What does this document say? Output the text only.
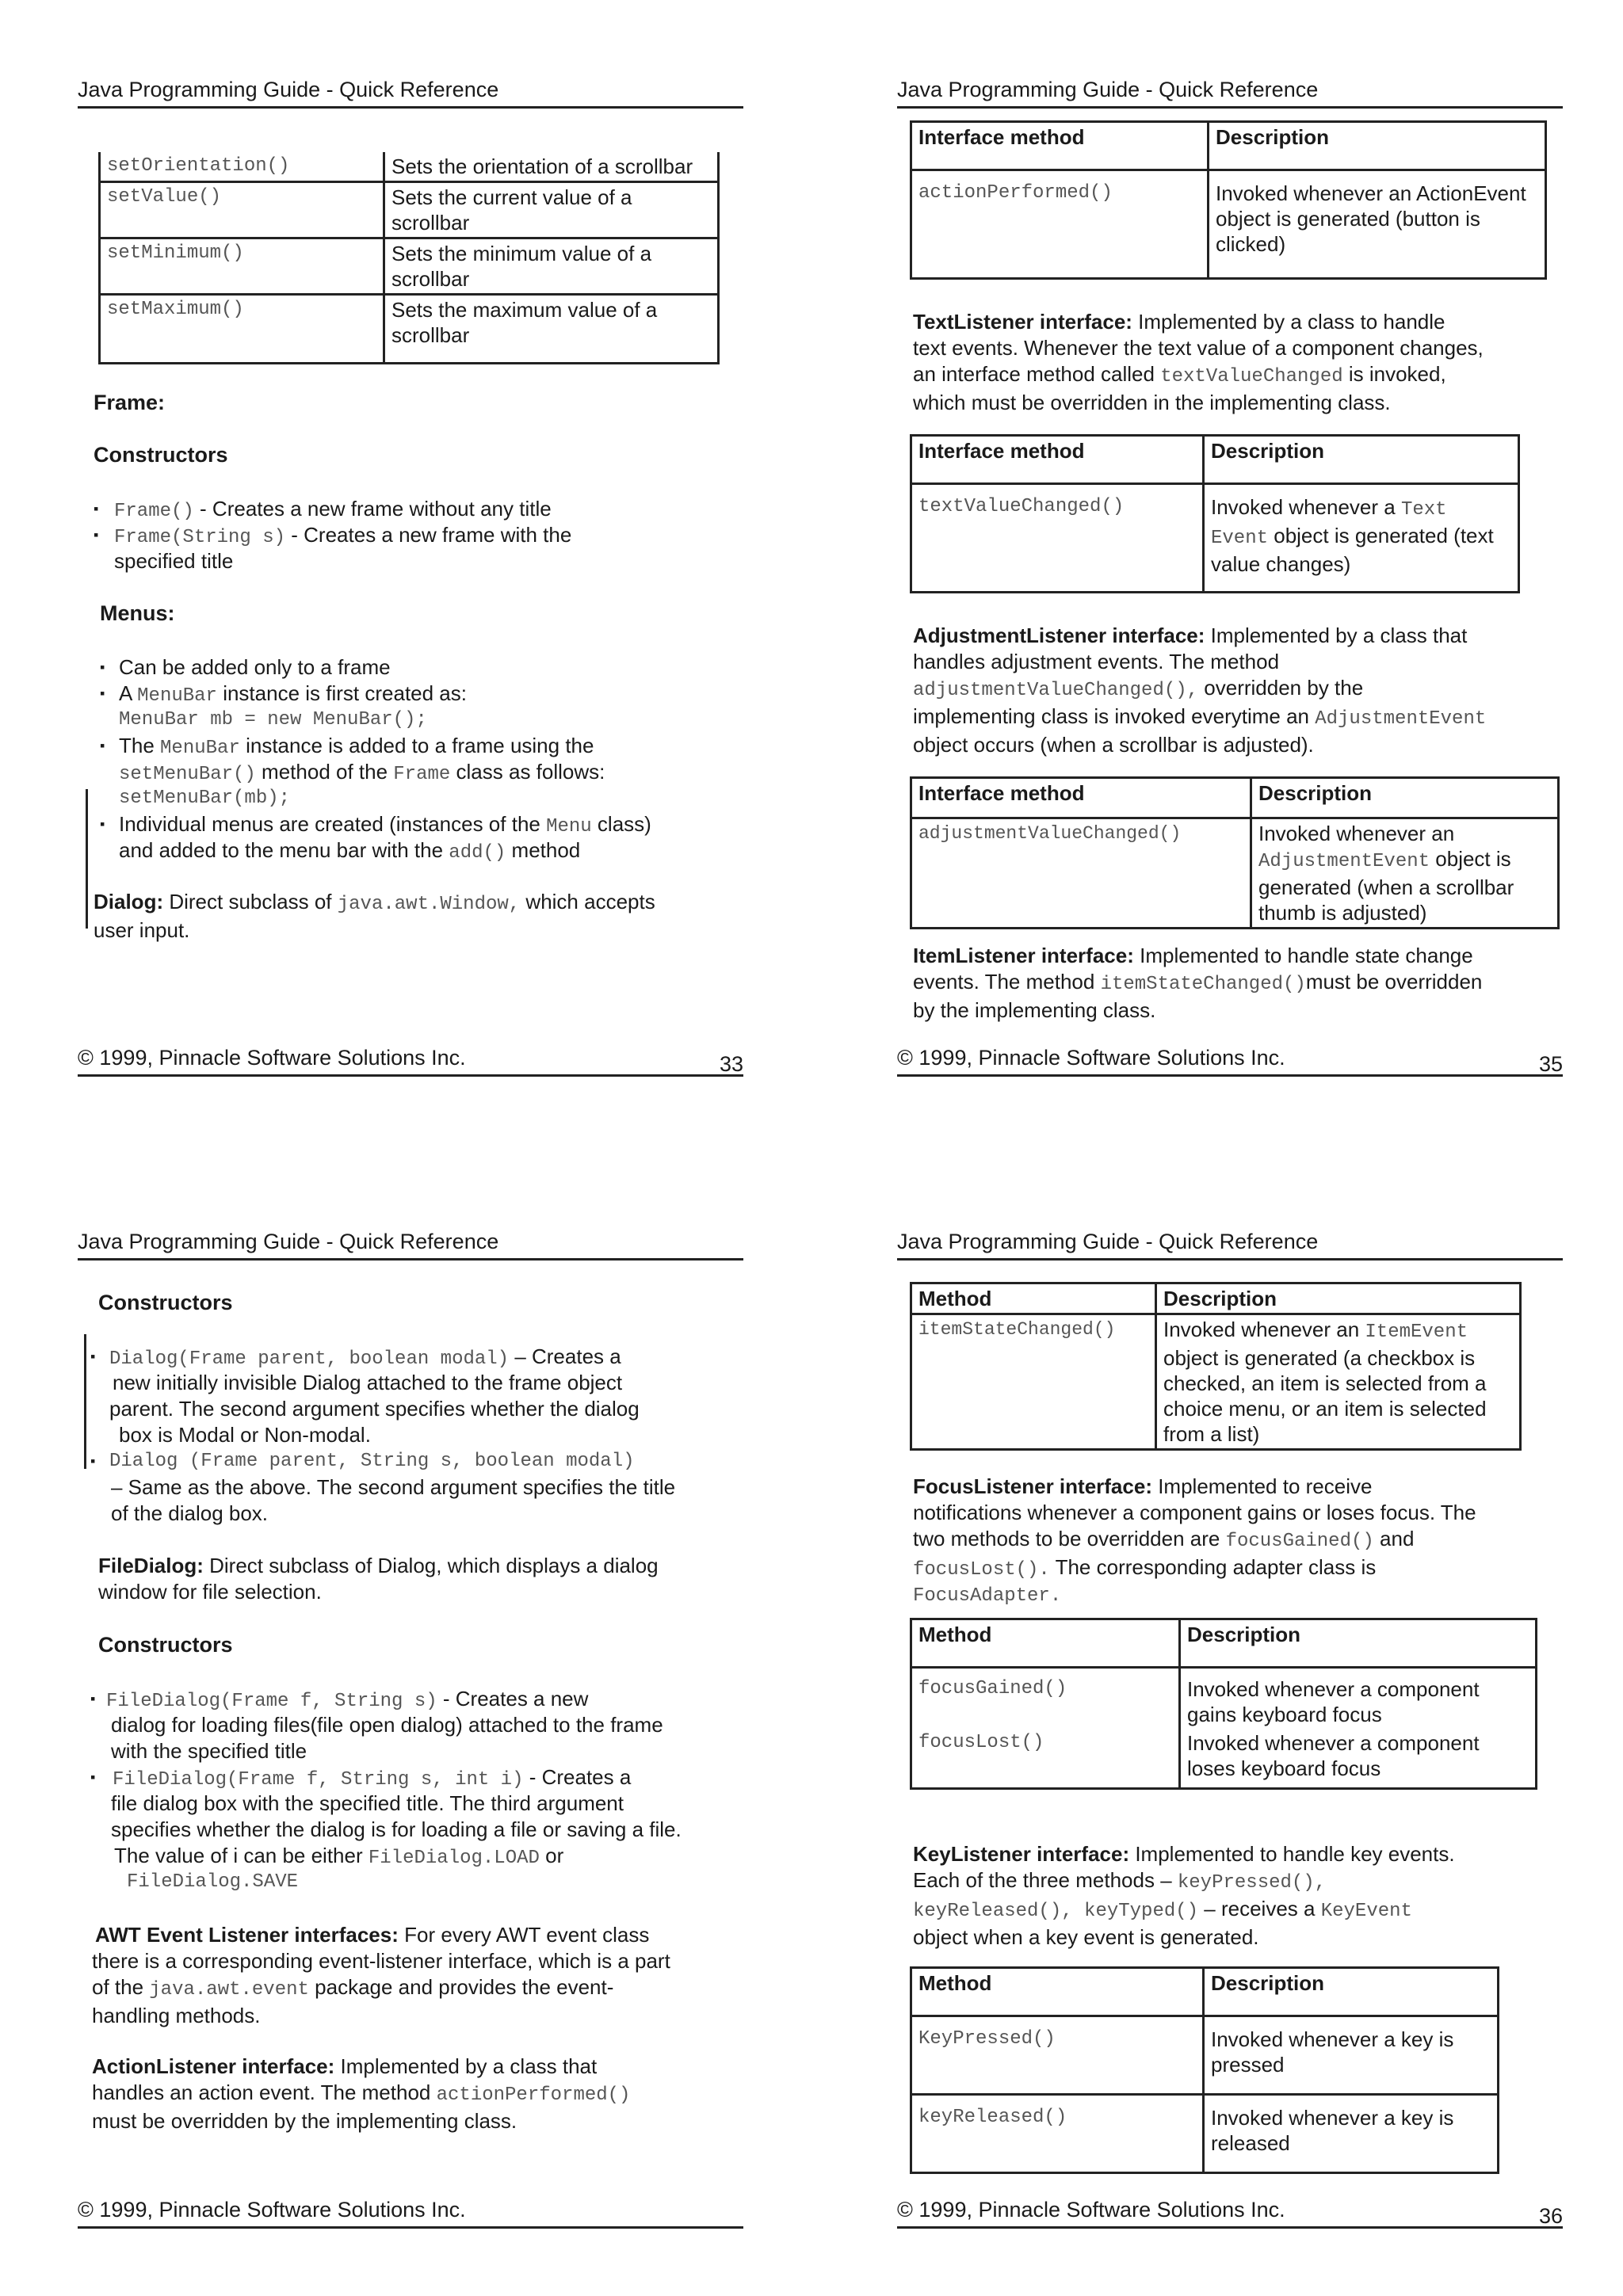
Java Programming Guide - Quick Reference
setOrientation()	Sets the orientation of a scrollbar
setValue()	Sets the current value of a scrollbar
setMinimum()	Sets the minimum value of a scrollbar
setMaximum()	Sets the maximum value of a scrollbar
Frame:
Constructors
▪ Frame() - Creates a new frame without any title
▪ Frame(String s) - Creates a new frame with the
specified title
Menus:
▪ Can be added only to a frame
▪ A MenuBar instance is first created as:
MenuBar mb = new MenuBar();
▪ The MenuBar instance is added to a frame using the
setMenuBar() method of the Frame class as follows:
setMenuBar(mb);
▪ Individual menus are created (instances of the Menu class)
and added to the menu bar with the add() method
Dialog: Direct subclass of java.awt.Window, which accepts
user input.
© 1999, Pinnacle Software Solutions Inc.	33
Java Programming Guide - Quick Reference
Interface method	Description
actionPerformed()	Invoked whenever an ActionEvent object is generated (button is clicked)
TextListener interface: Implemented by a class to handle
text events. Whenever the text value of a component changes,
an interface method called textValueChanged is invoked,
which must be overridden in the implementing class.
Interface method	Description
textValueChanged()	Invoked whenever a Text Event object is generated (text value changes)
AdjustmentListener interface: Implemented by a class that
handles adjustment events. The method
adjustmentValueChanged(), overridden by the
implementing class is invoked everytime an AdjustmentEvent
object occurs (when a scrollbar is adjusted).
Interface method	Description
adjustmentValueChanged()	Invoked whenever an AdjustmentEvent object is generated (when a scrollbar thumb is adjusted)
ItemListener interface: Implemented to handle state change
events. The method itemStateChanged()must be overridden
by the implementing class.
© 1999, Pinnacle Software Solutions Inc.	35
Java Programming Guide - Quick Reference
Constructors
▪ Dialog(Frame parent, boolean modal) – Creates a
new initially invisible Dialog attached to the frame object
parent. The second argument specifies whether the dialog
box is Modal or Non-modal.
▪ Dialog (Frame parent, String s, boolean modal)
– Same as the above. The second argument specifies the title
of the dialog box.
FileDialog: Direct subclass of Dialog, which displays a dialog
window for file selection.
Constructors
▪ FileDialog(Frame f, String s) - Creates a new
dialog for loading files(file open dialog) attached to the frame
with the specified title
▪ FileDialog(Frame f, String s, int i) - Creates a
file dialog box with the specified title. The third argument
specifies whether the dialog is for loading a file or saving a file.
The value of i can be either FileDialog.LOAD or
FileDialog.SAVE
AWT Event Listener interfaces: For every AWT event class
there is a corresponding event-listener interface, which is a part
of the java.awt.event package and provides the event-
handling methods.
ActionListener interface: Implemented by a class that
handles an action event. The method actionPerformed()
must be overridden by the implementing class.
© 1999, Pinnacle Software Solutions Inc.
Java Programming Guide - Quick Reference
Method	Description
itemStateChanged()	Invoked whenever an ItemEvent object is generated (a checkbox is checked, an item is selected from a choice menu, or an item is selected from a list)
FocusListener interface: Implemented to receive
notifications whenever a component gains or loses focus. The
two methods to be overridden are focusGained() and
focusLost(). The corresponding adapter class is
FocusAdapter.
Method	Description
focusGained()	Invoked whenever a component gains keyboard focus
focusLost()	Invoked whenever a component loses keyboard focus
KeyListener interface: Implemented to handle key events.
Each of the three methods – keyPressed(),
keyReleased(), keyTyped() – receives a KeyEvent
object when a key event is generated.
Method	Description
KeyPressed()	Invoked whenever a key is pressed
keyReleased()	Invoked whenever a key is released
© 1999, Pinnacle Software Solutions Inc.	36
